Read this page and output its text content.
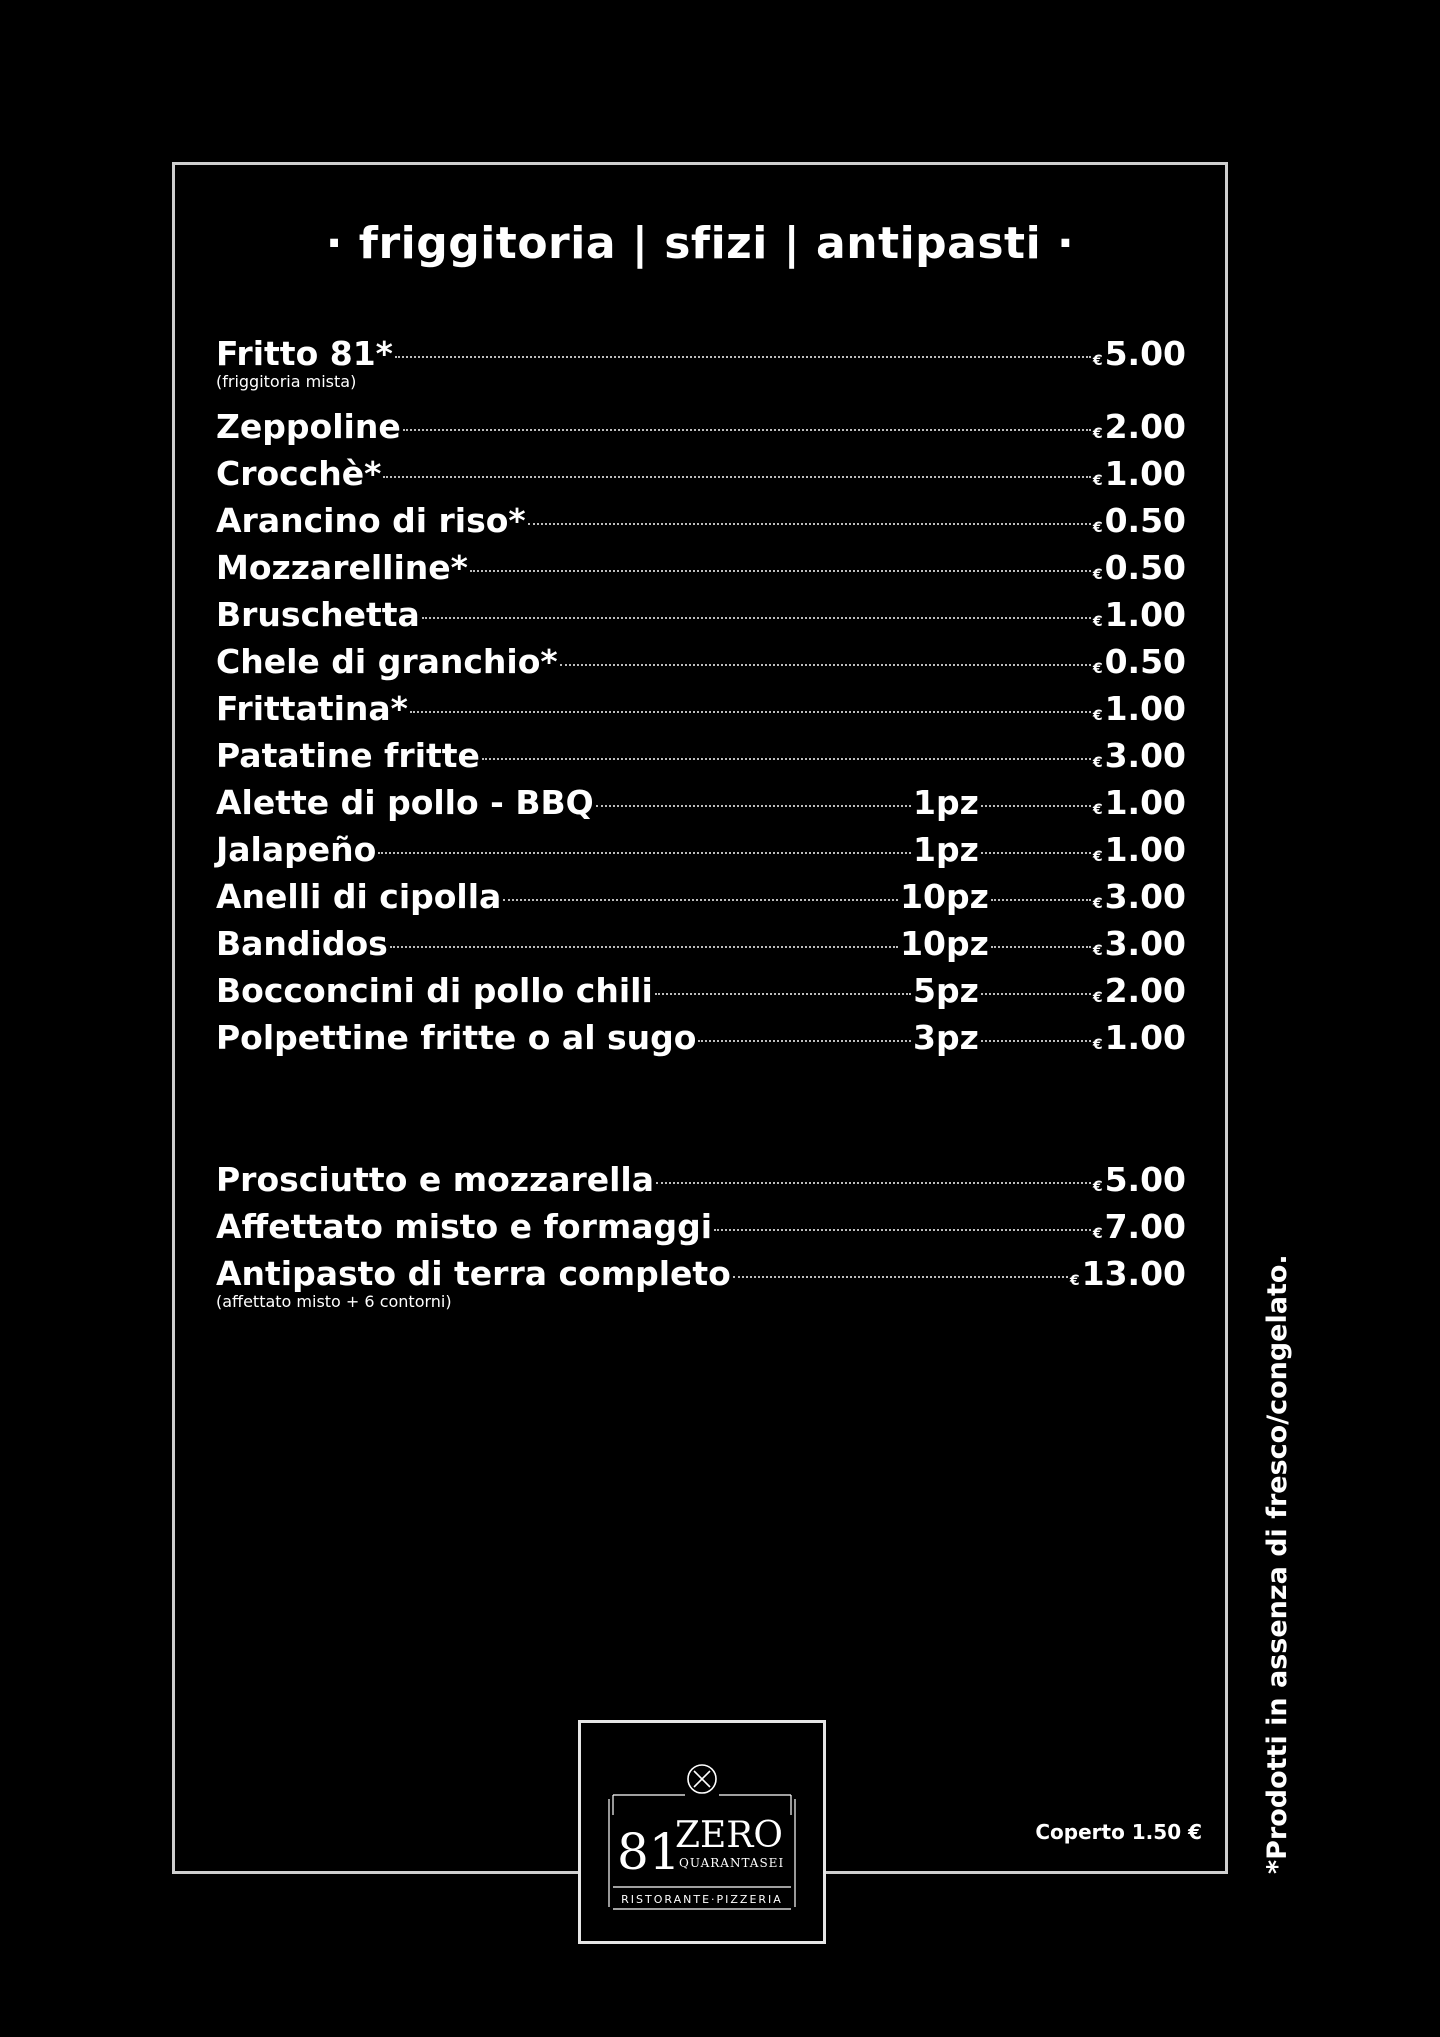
· friggitoria | sfizi | antipasti ·
Fritto 81*	€5.00
(friggitoria mista)
Zeppoline	€2.00
Crocchè*	€1.00
Arancino di riso*	€0.50
Mozzarelline*	€0.50
Bruschetta	€1.00
Chele di granchio*	€0.50
Frittatina*	€1.00
Patatine fritte	€3.00
Alette di pollo - BBQ	1pz	€1.00
Jalapeño	1pz	€1.00
Anelli di cipolla	10pz	€3.00
Bandidos	10pz	€3.00
Bocconcini di pollo chili	5pz	€2.00
Polpettine fritte o al sugo	3pz	€1.00
Prosciutto e mozzarella	€5.00
Affettato misto e formaggi	€7.00
Antipasto di terra completo	€13.00
(affettato misto + 6 contorni)
Coperto 1.50 € *Prodotti in assenza di fresco/congelato.
81
ZERO
QUARANTASEI
RISTORANTE·PIZZERIA
